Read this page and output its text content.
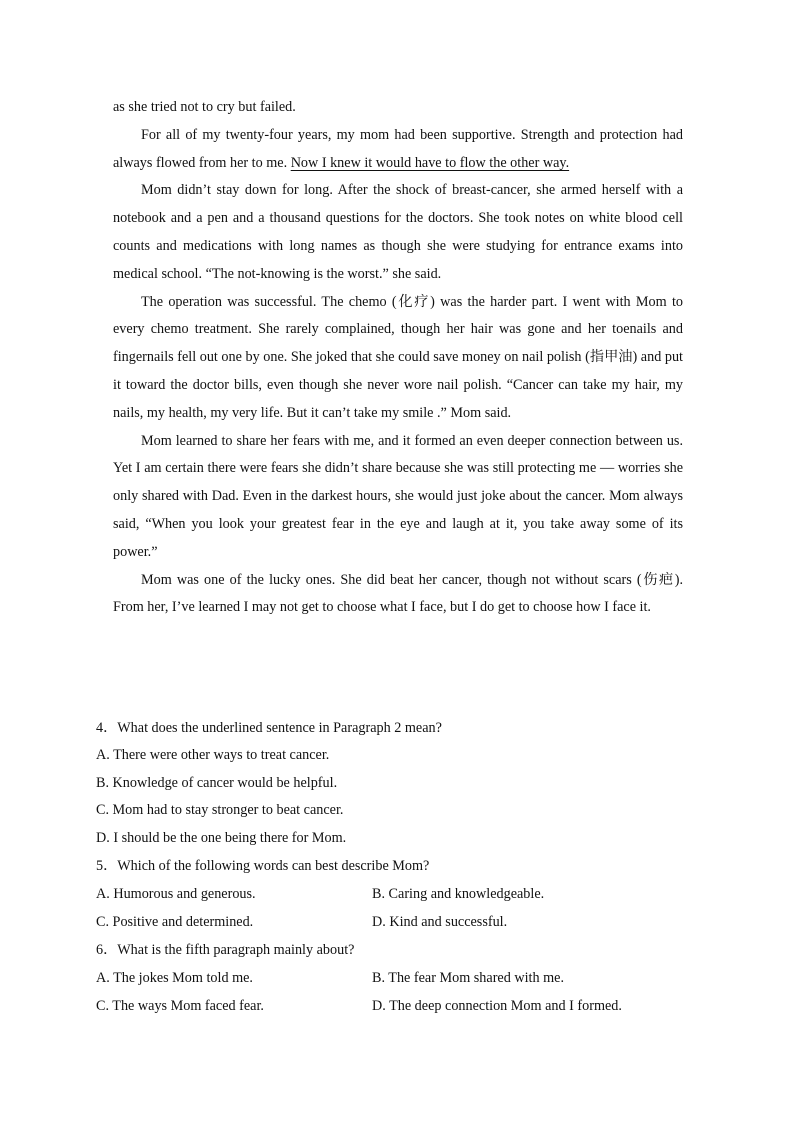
as she tried not to cry but failed.

For all of my twenty-four years, my mom had been supportive. Strength and protection had always flowed from her to me. Now I knew it would have to flow the other way.

Mom didn’t stay down for long. After the shock of breast-cancer, she armed herself with a notebook and a pen and a thousand questions for the doctors. She took notes on white blood cell counts and medications with long names as though she were studying for entrance exams into medical school. “The not-knowing is the worst.” she said.

The operation was successful. The chemo (化疗) was the harder part. I went with Mom to every chemo treatment. She rarely complained, though her hair was gone and her toenails and fingernails fell out one by one. She joked that she could save money on nail polish (指甲油) and put it toward the doctor bills, even though she never wore nail polish. “Cancer can take my hair, my nails, my health, my very life. But it can’t take my smile .” Mom said.

Mom learned to share her fears with me, and it formed an even deeper connection between us. Yet I am certain there were fears she didn’t share because she was still protecting me — worries she only shared with Dad. Even in the darkest hours, she would just joke about the cancer. Mom always said, “When you look your greatest fear in the eye and laugh at it, you take away some of its power.”

Mom was one of the lucky ones. She did beat her cancer, though not without scars (伤疤). From her, I’ve learned I may not get to choose what I face, but I do get to choose how I face it.

4．What does the underlined sentence in Paragraph 2 mean?

A. There were other ways to treat cancer.

B. Knowledge of cancer would be helpful.

C. Mom had to stay stronger to beat cancer.

D. I should be the one being there for Mom.

5．Which of the following words can best describe Mom?

A. Humorous and generous.	B. Caring and knowledgeable.
C. Positive and determined.	D. Kind and successful.

6．What is the fifth paragraph mainly about?

A. The jokes Mom told me.	B. The fear Mom shared with me.
C. The ways Mom faced fear.	D. The deep connection Mom and I formed.
